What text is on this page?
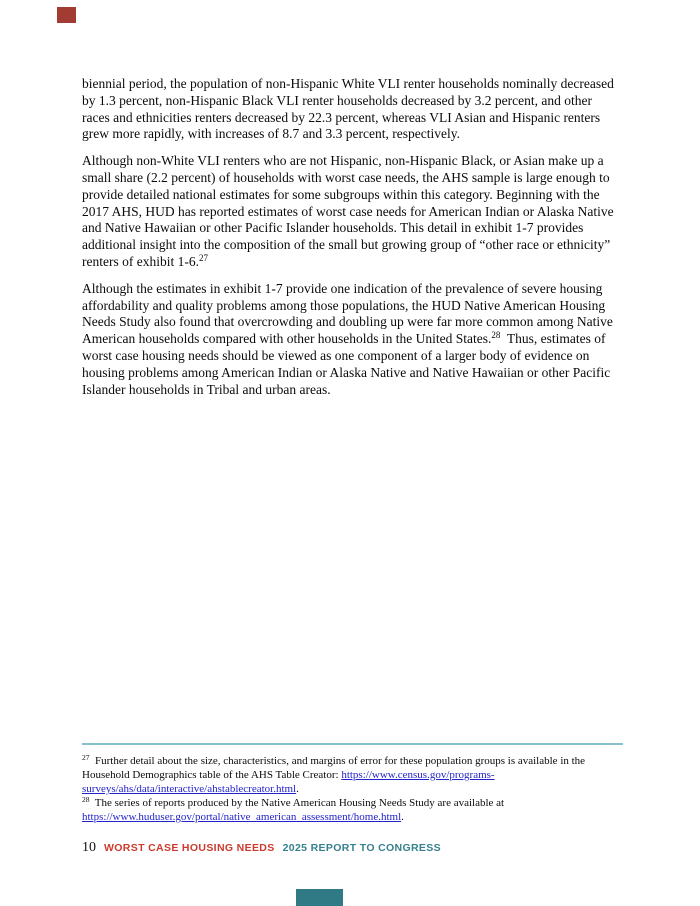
biennial period, the population of non-Hispanic White VLI renter households nominally decreased by 1.3 percent, non-Hispanic Black VLI renter households decreased by 3.2 percent, and other races and ethnicities renters decreased by 22.3 percent, whereas VLI Asian and Hispanic renters grew more rapidly, with increases of 8.7 and 3.3 percent, respectively.

Although non-White VLI renters who are not Hispanic, non-Hispanic Black, or Asian make up a small share (2.2 percent) of households with worst case needs, the AHS sample is large enough to provide detailed national estimates for some subgroups within this category. Beginning with the 2017 AHS, HUD has reported estimates of worst case needs for American Indian or Alaska Native and Native Hawaiian or other Pacific Islander households. This detail in exhibit 1-7 provides additional insight into the composition of the small but growing group of “other race or ethnicity” renters of exhibit 1-6.27

Although the estimates in exhibit 1-7 provide one indication of the prevalence of severe housing affordability and quality problems among those populations, the HUD Native American Housing Needs Study also found that overcrowding and doubling up were far more common among Native American households compared with other households in the United States.$^{28}$  Thus, estimates of worst case housing needs should be viewed as one component of a larger body of evidence on housing problems among American Indian or Alaska Native and Native Hawaiian or other Pacific Islander households in Tribal and urban areas.

$^{27}$  Further detail about the size, characteristics, and margins of error for these population groups is available in the Household Demographics table of the AHS Table Creator: https://www.census.gov/programs-surveys/ahs/data/interactive/ahstablecreator.html.

$^{28}$  The series of reports produced by the Native American Housing Needs Study are available at https://www.huduser.gov/portal/native_american_assessment/home.html.

10 WORST CASE HOUSING NEEDS 2025 REPORT TO CONGRESS
